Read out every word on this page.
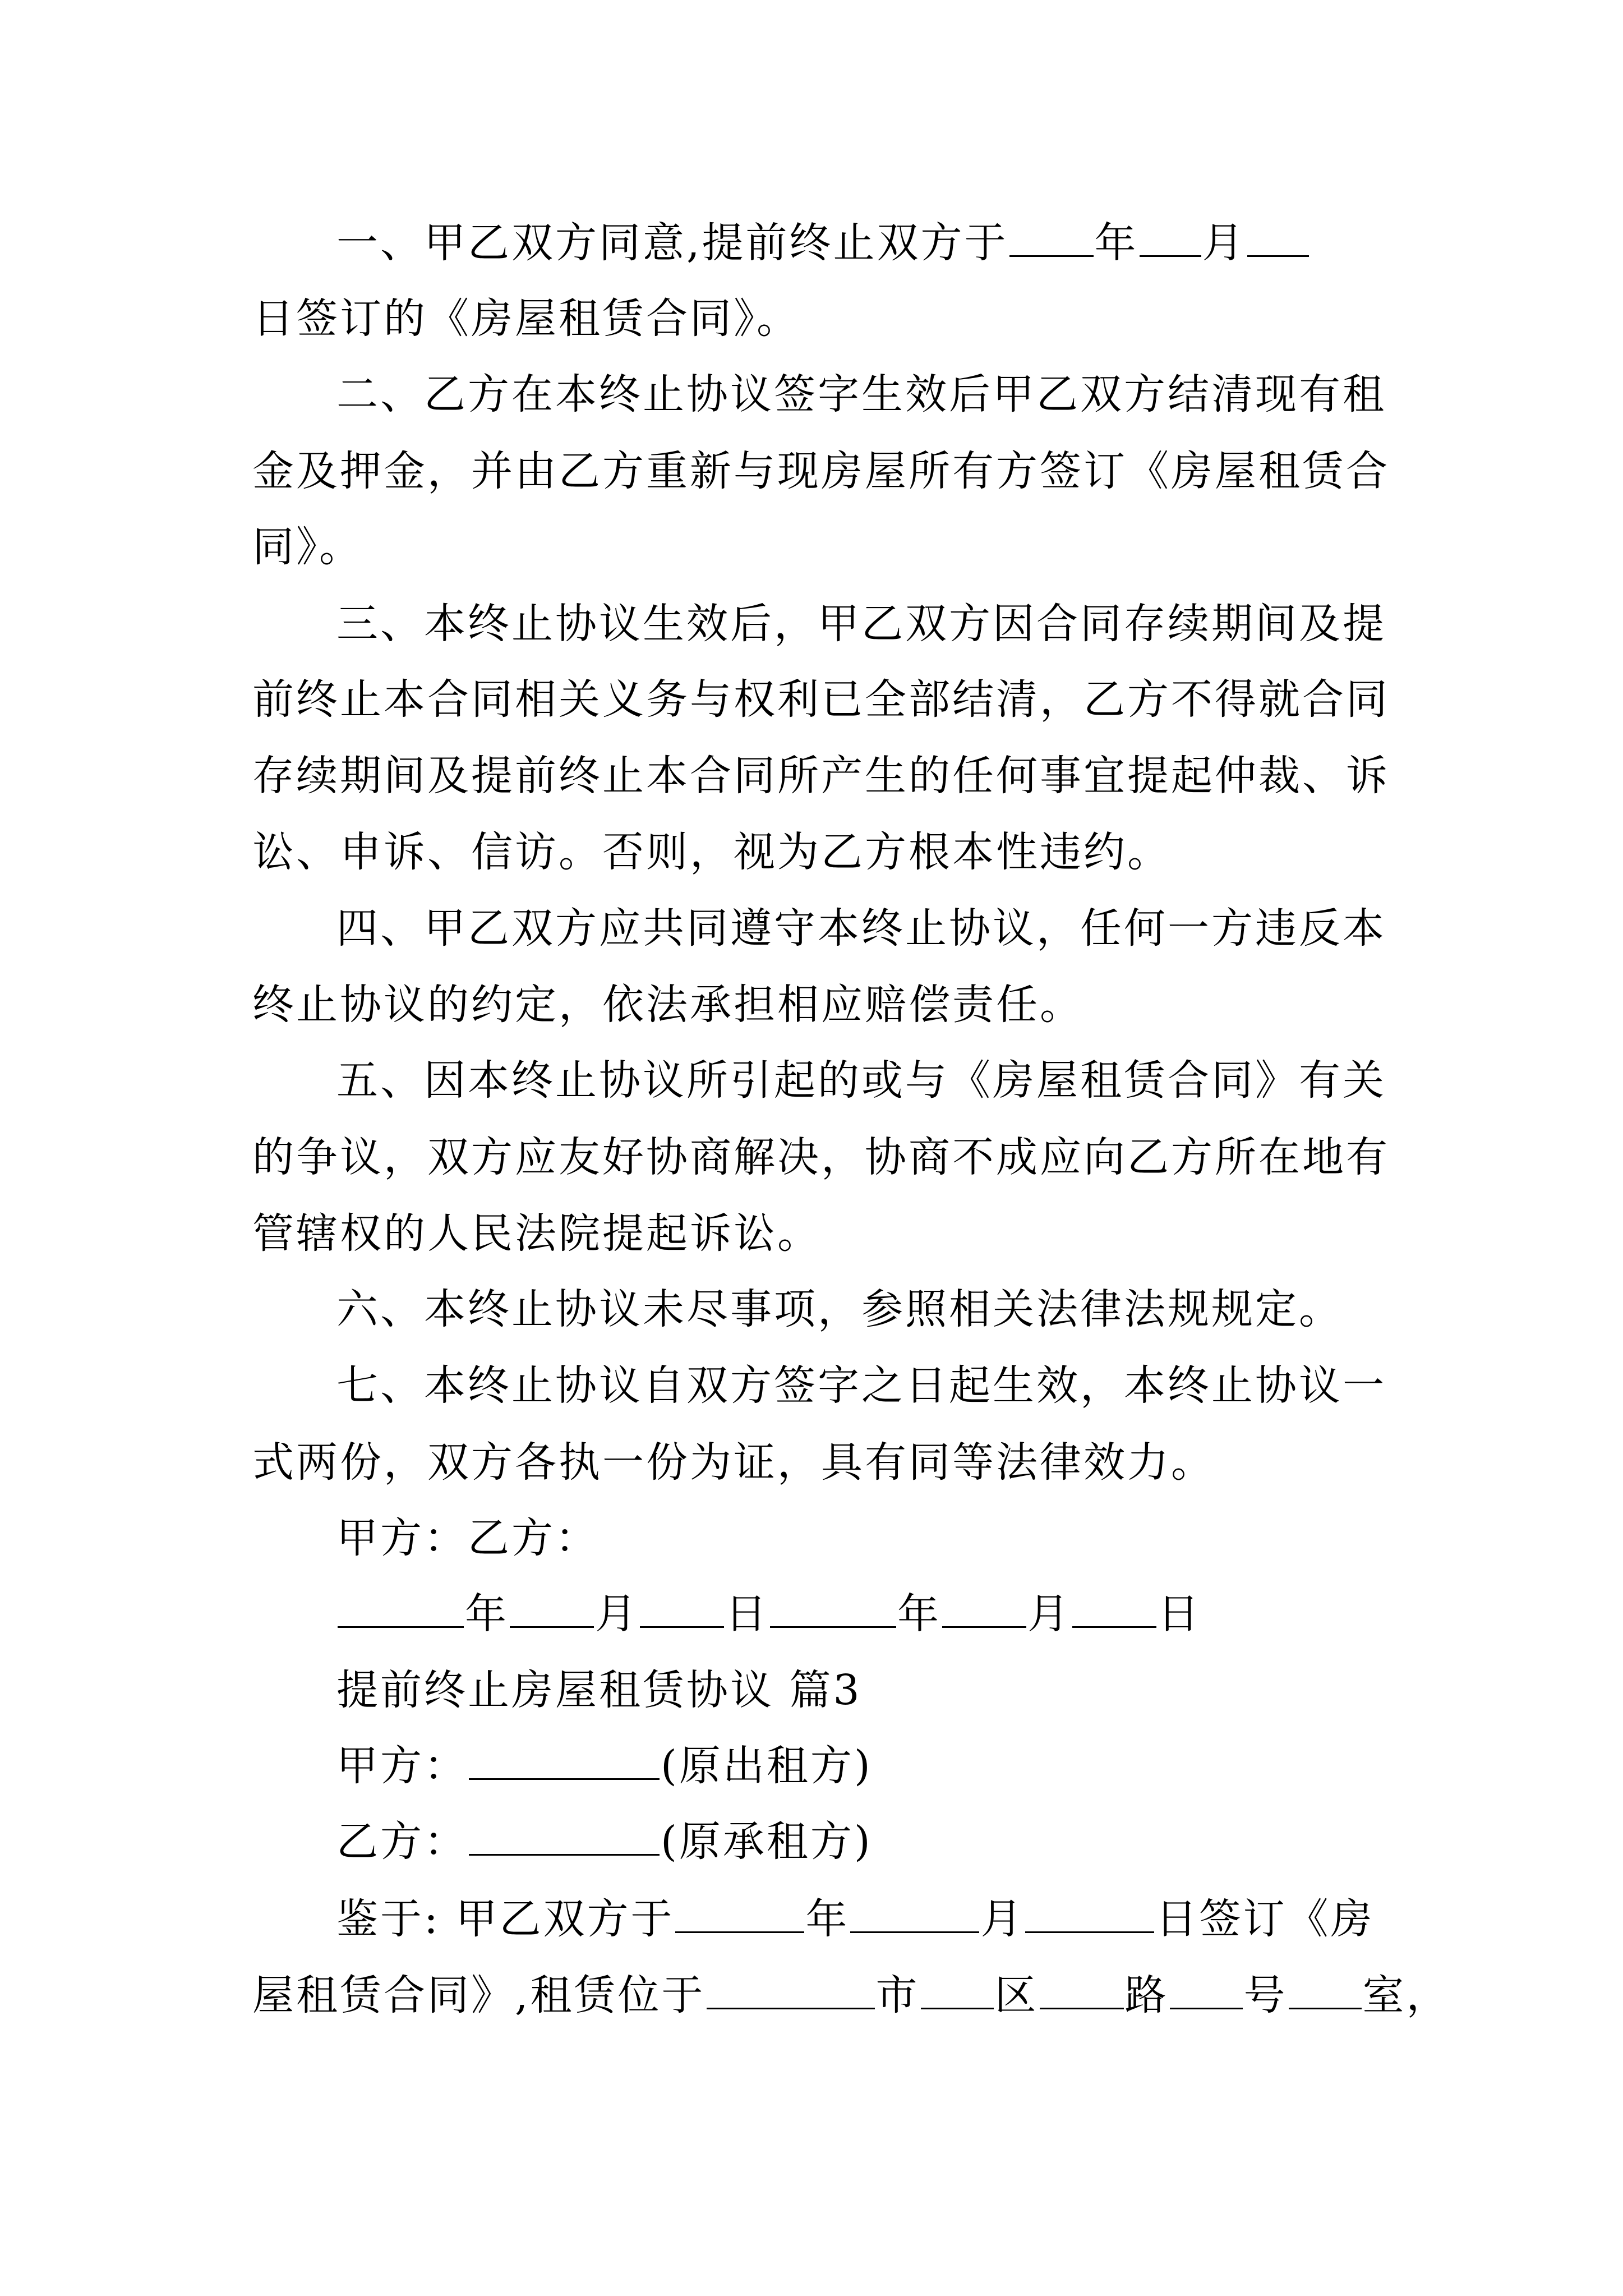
一、甲乙双方同意,提前终止双方于 年 月
日签订的《房屋租赁合同》。
二、乙方在本终止协议签字生效后甲乙双方结清现有租
金及押金，并由乙方重新与现房屋所有方签订《房屋租赁合
同》。
三、本终止协议生效后，甲乙双方因合同存续期间及提
前终止本合同相关义务与权利已全部结清，乙方不得就合同
存续期间及提前终止本合同所产生的任何事宜提起仲裁、诉
讼、申诉、信访。否则，视为乙方根本性违约。
四、甲乙双方应共同遵守本终止协议，任何一方违反本
终止协议的约定，依法承担相应赔偿责任。
五、因本终止协议所引起的或与《房屋租赁合同》有关
的争议，双方应友好协商解决，协商不成应向乙方所在地有
管辖权的人民法院提起诉讼。
六、本终止协议未尽事项，参照相关法律法规规定。
七、本终止协议自双方签字之日起生效，本终止协议一
式两份，双方各执一份为证，具有同等法律效力。
甲方：乙方：
年 月 日	年 月 日
提前终止房屋租赁协议 篇3
甲方：	(原出租方)
乙方：	(原承租方)
鉴于: 甲乙双方于	年	月	日签订《房
屋租赁合同》,租赁位于	市 区 路 号 室，
